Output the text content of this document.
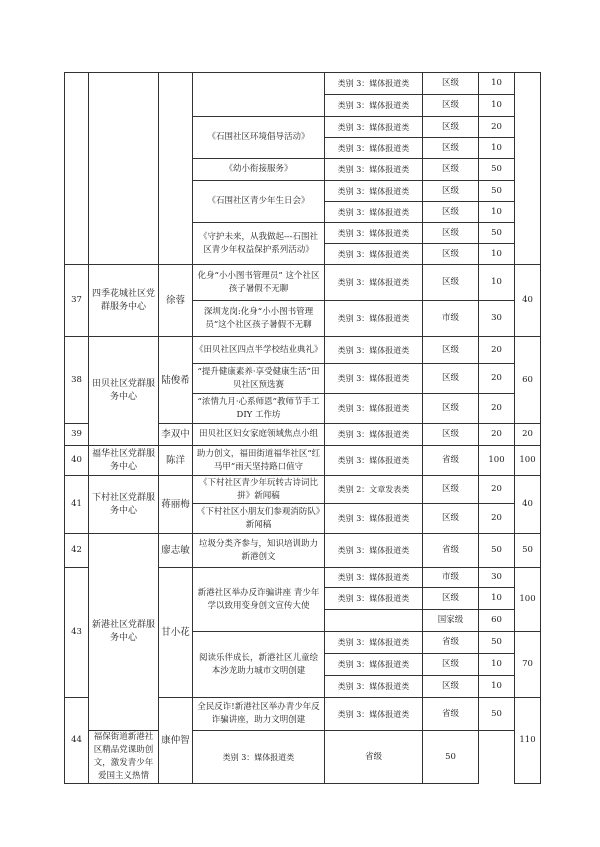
				类别 3：媒体报道类	区级	10	
				类别 3：媒体报道类	区级	10	
			《石围社区环境倡导活动》	类别 3：媒体报道类	区级	20	
				类别 3：媒体报道类	区级	10	
			《幼小衔接服务》	类别 3：媒体报道类	区级	50	
			《石围社区青少年生日会》	类别 3：媒体报道类	区级	50	
				类别 3：媒体报道类	区级	10	
			《守护未来，从我做起---石围社区青少年权益保护系列活动》	类别 3：媒体报道类	区级	50	
				类别 3：媒体报道类	区级	10	
37	四季花城社区党群服务中心	徐蓉	化身“小小图书管理员” 这个社区孩子暑假不无聊	类别 3：媒体报道类	区级	10	40
			深圳龙岗:化身“小小图书管理员”这个社区孩子暑假不无聊	类别 3：媒体报道类	市级	30	
38	田贝社区党群服务中心	陆俊希	《田贝社区四点半学校结业典礼》	类别 3：媒体报道类	区级	20	60
			“提升健康素养·享受健康生活”田贝社区预选赛	类别 3：媒体报道类	区级	20	
			“浓情九月·心系师恩”教师节手工 DIY 工作坊	类别 3：媒体报道类	区级	20	
39		李双中	田贝社区妇女家庭领域焦点小组	类别 3：媒体报道类	区级	20	20
40	福华社区党群服务中心	陈洋	助力创文，福田街道福华社区“红马甲”雨天坚持路口值守	类别 3：媒体报道类	省级	100	100
41	下村社区党群服务中心	蒋丽梅	《下村社区青少年玩转古诗词比拼》新闻稿	类别 2：文章发表类	区级	20	40
			《下村社区小朋友们参观消防队》新闻稿	类别 3：媒体报道类	区级	20	
42	新港社区党群服务中心	廖志敏	垃圾分类齐参与，知识培训助力新港创文	类别 3：媒体报道类	省级	50	50
43		甘小花	新港社区举办反诈骗讲座 青少年学以致用变身创文宣传大使	类别 3：媒体报道类	市级	30	100
				类别 3：媒体报道类	区级	10	
					国家级	60	
			阅读乐伴成长，新港社区儿童绘本沙龙助力城市文明创建	类别 3：媒体报道类	省级	50	70
				类别 3：媒体报道类	区级	10	
				类别 3：媒体报道类	区级	10	
44		康仲智	全民反诈!新港社区举办青少年反诈骗讲座，助力文明创建	类别 3：媒体报道类	省级	50	110
	福保街道新港社区精品党课助创文，激发青少年爱国主义热情		类别 3：媒体报道类	省级	50		
